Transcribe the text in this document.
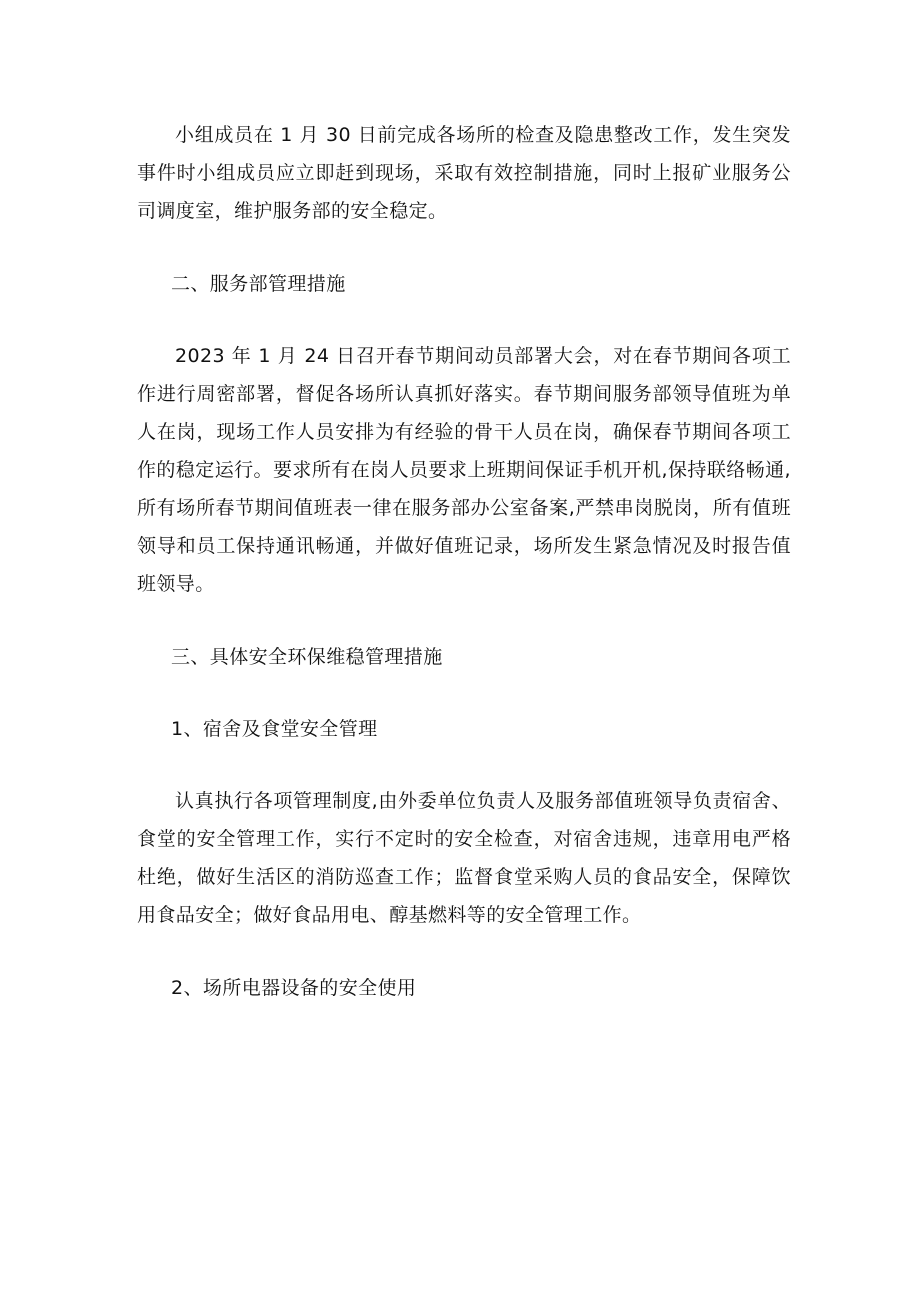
小组成员在 1 月 30 日前完成各场所的检查及隐患整改工作，发生突发事件时小组成员应立即赶到现场，采取有效控制措施，同时上报矿业服务公司调度室，维护服务部的安全稳定。

二、服务部管理措施

2023 年 1 月 24 日召开春节期间动员部署大会，对在春节期间各项工作进行周密部署，督促各场所认真抓好落实。春节期间服务部领导值班为单人在岗，现场工作人员安排为有经验的骨干人员在岗，确保春节期间各项工作的稳定运行。要求所有在岗人员要求上班期间保证手机开机,保持联络畅通,所有场所春节期间值班表一律在服务部办公室备案,严禁串岗脱岗，所有值班领导和员工保持通讯畅通，并做好值班记录，场所发生紧急情况及时报告值班领导。

三、具体安全环保维稳管理措施

1、宿舍及食堂安全管理

认真执行各项管理制度,由外委单位负责人及服务部值班领导负责宿舍、食堂的安全管理工作，实行不定时的安全检查，对宿舍违规，违章用电严格杜绝，做好生活区的消防巡查工作；监督食堂采购人员的食品安全，保障饮用食品安全；做好食品用电、醇基燃料等的安全管理工作。

2、场所电器设备的安全使用
